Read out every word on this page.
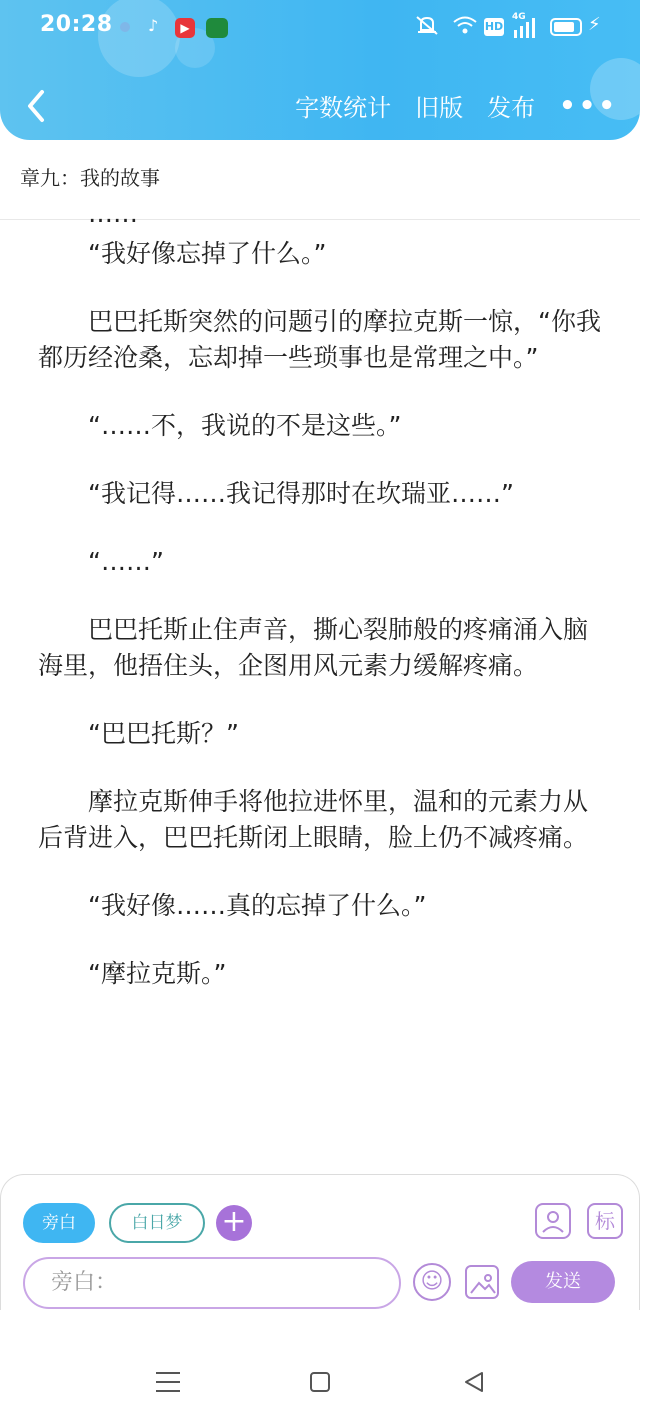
20:28 ♪	▶	HD
4G	⚡
字数统计 旧版 发布 •••
章九：我的故事
……

“我好像忘掉了什么。”

巴巴托斯突然的问题引的摩拉克斯一惊，“你我都历经沧桑，忘却掉一些琐事也是常理之中。”

“……不，我说的不是这些。”

“我记得……我记得那时在坎瑞亚……”

“……”

巴巴托斯止住声音，撕心裂肺般的疼痛涌入脑海里，他捂住头，企图用风元素力缓解疼痛。

“巴巴托斯？”

摩拉克斯伸手将他拉进怀里，温和的元素力从后背进入，巴巴托斯闭上眼睛，脸上仍不减疼痛。

“我好像……真的忘掉了什么。”

“摩拉克斯。”

旁白	白日梦	+	标
旁白：	☺	发送
